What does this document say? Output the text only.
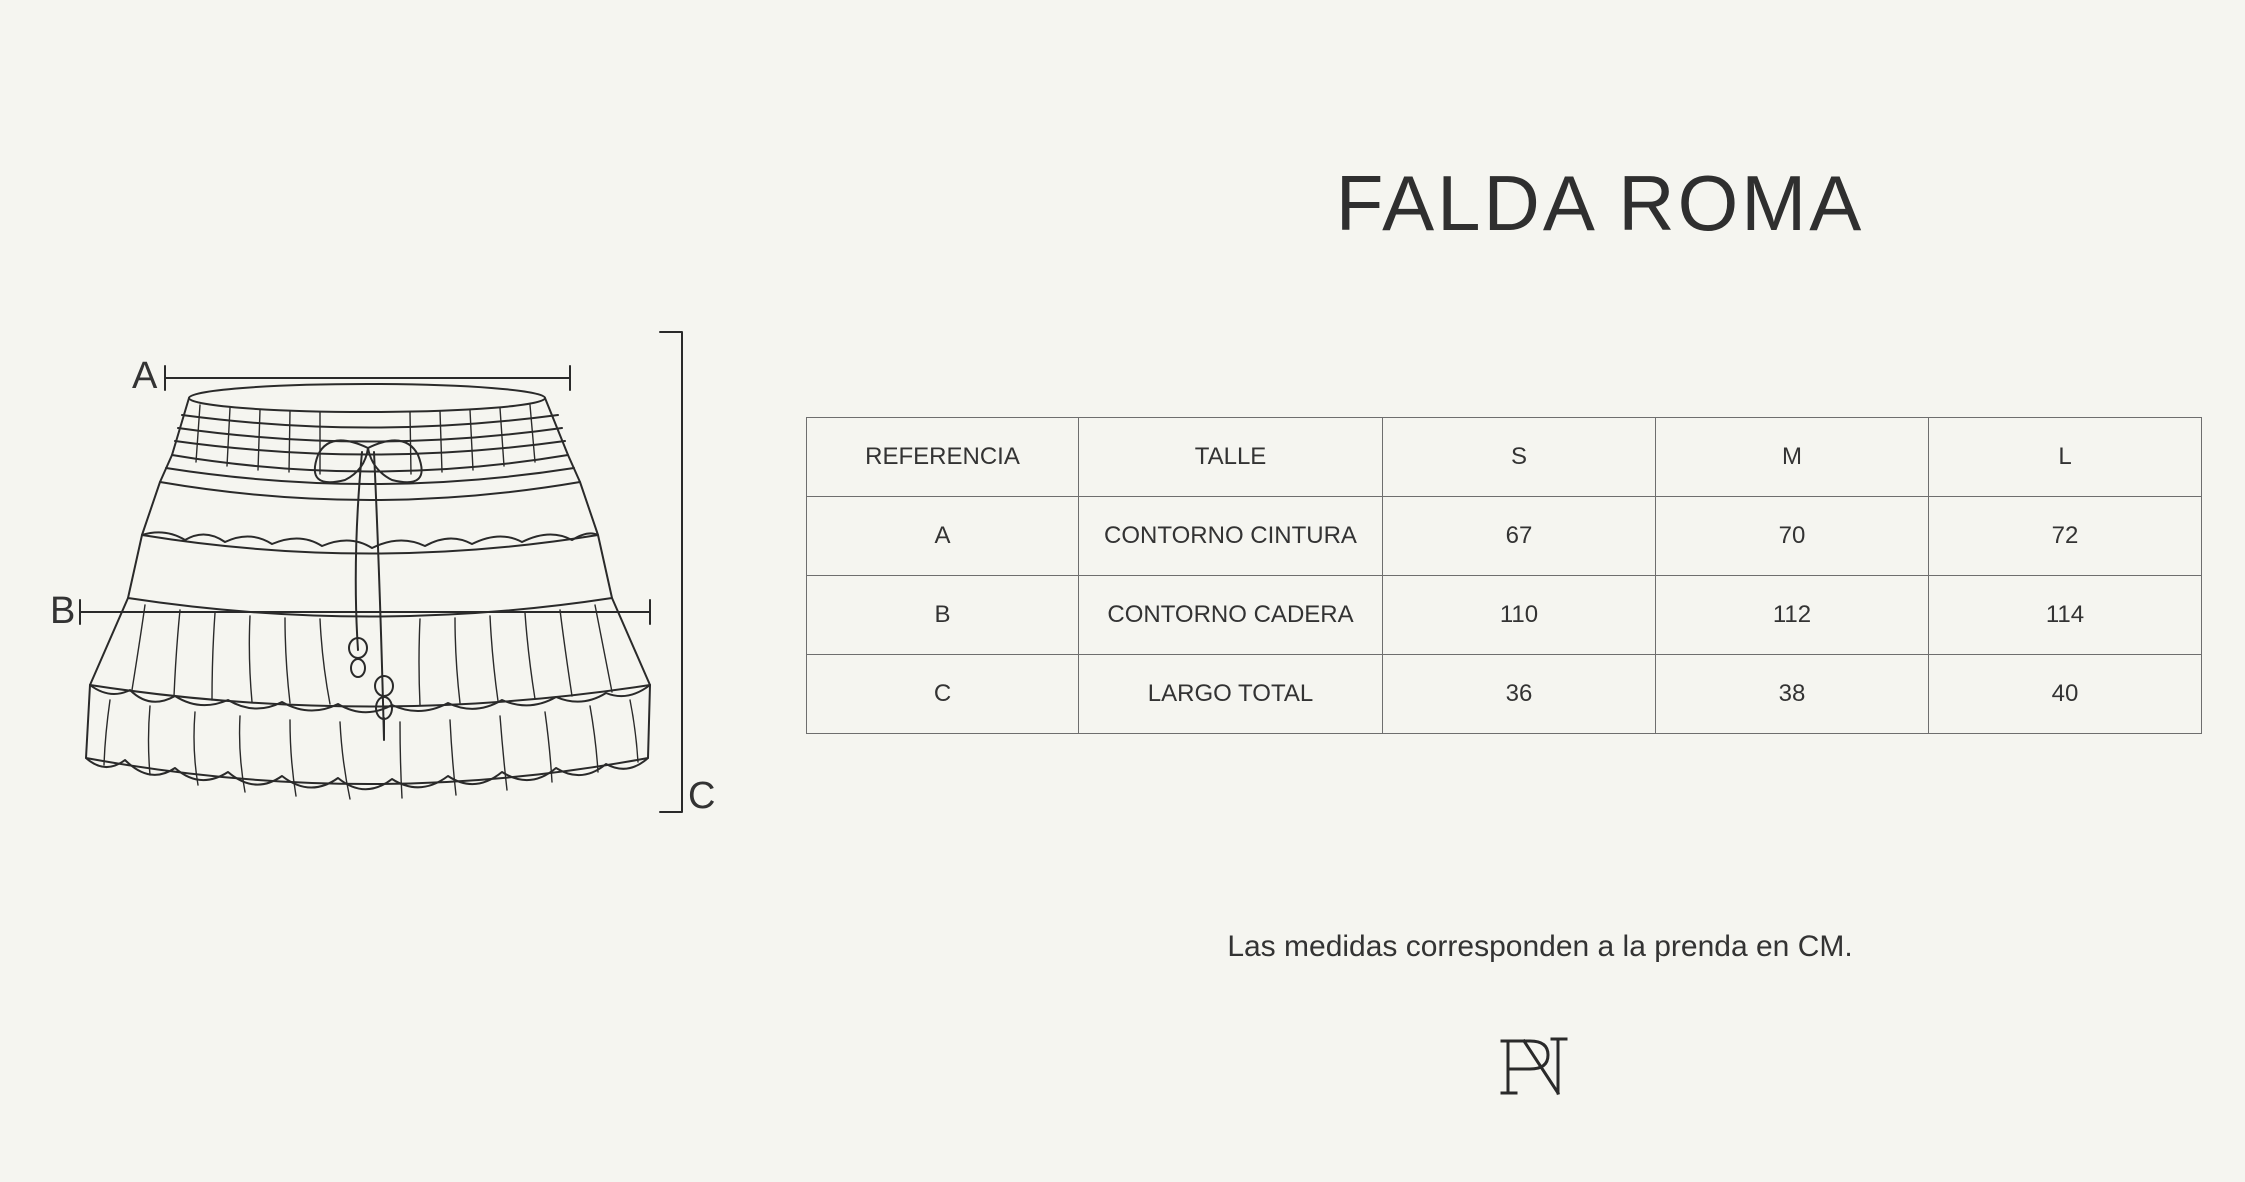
FALDA ROMA
A
B
C
REFERENCIA	TALLE	S	M	L
A	CONTORNO CINTURA	67	70	72
B	CONTORNO CADERA	110	112	114
C	LARGO TOTAL	36	38	40
Las medidas corresponden a la prenda en CM.
